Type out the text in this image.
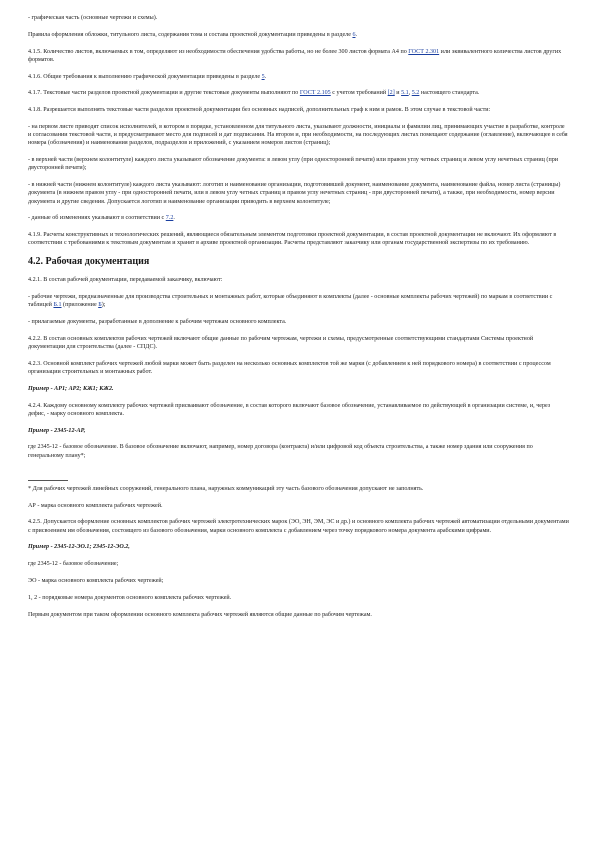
- графическая часть (основные чертежи и схемы).

Правила оформления обложки, титульного листа, содержания тома и состава проектной документации приведены в разделе 6.

4.1.5. Количество листов, включаемых в том, определяют из необходимости обеспечения удобства работы, но не более 300 листов формата А4 по ГОСТ 2.301 или эквивалентного количества листов других форматов.

4.1.6. Общие требования к выполнению графической документации приведены в разделе 5.

4.1.7. Текстовые части разделов проектной документации и другие текстовые документы выполняют по ГОСТ 2.105 с учетом требований [2] и 5.1, 5.2 настоящего стандарта.

4.1.8. Разрешается выполнять текстовые части разделов проектной документации без основных надписей, дополнительных граф к ним и рамок. В этом случае в текстовой части:

- на первом листе приводят список исполнителей, в котором в порядке, установленном для титульного листа, указывают должности, инициалы и фамилии лиц, принимающих участие в разработке, контроле и согласовании текстовой части, и предусматривают место для подписей и дат подписания. На втором и, при необходимости, на последующих листах помещают содержание (оглавление), включающее в себя номера (обозначения) и наименования разделов, подразделов и приложений, с указанием номеров листов (страниц);

- в верхней части (верхнем колонтитуле) каждого листа указывают обозначение документа: в левом углу (при односторонней печати) или правом углу четных страниц и левом углу нечетных страниц (при двусторонней печати);

- в нижней части (нижнем колонтитуле) каждого листа указывают: логотип и наименование организации, подготовившей документ, наименование документа, наименование файла, номер листа (страницы) документа (в нижнем правом углу - при односторонней печати, или в левом углу четных страниц и правом углу нечетных страниц - при двусторонней печати), а также, при необходимости, номер версии документа и другие сведения. Допускается логотип и наименование организации приводить в верхнем колонтитуле;

- данные об изменениях указывают в соответствии с 7.2.

4.1.9. Расчеты конструктивных и технологических решений, являющиеся обязательным элементом подготовки проектной документации, в состав проектной документации не включают. Их оформляют в соответствии с требованиями к текстовым документам и хранят в архиве проектной организации. Расчеты представляют заказчику или органам государственной экспертизы по их требованию.

4.2. Рабочая документация

4.2.1. В состав рабочей документации, передаваемой заказчику, включают:

- рабочие чертежи, предназначенные для производства строительных и монтажных работ, которые объединяют в комплекты (далее - основные комплекты рабочих чертежей) по маркам в соответствии с таблицей Б.1 (приложение Б);

- прилагаемые документы, разработанные в дополнение к рабочим чертежам основного комплекта.

4.2.2. В состав основных комплектов рабочих чертежей включают общие данные по рабочим чертежам, чертежи и схемы, предусмотренные соответствующими стандартами Системы проектной документации для строительства (далее - СПДС).

4.2.3. Основной комплект рабочих чертежей любой марки может быть разделен на несколько основных комплектов той же марки (с добавлением к ней порядкового номера) в соответствии с процессом организации строительных и монтажных работ.

Пример - АР1; АР2; КЖ1; КЖ2.

4.2.4. Каждому основному комплекту рабочих чертежей присваивают обозначение, в состав которого включают базовое обозначение, устанавливаемое по действующей в организации системе, и, через дефис, - марку основного комплекта.

Пример - 2345-12-АР,

где 2345-12 - базовое обозначение. В базовое обозначение включают, например, номер договора (контракта) и/или цифровой код объекта строительства, а также номер здания или сооружения по генеральному плану*;

* Для рабочих чертежей линейных сооружений, генерального плана, наружных коммуникаций эту часть базового обозначения допускают не заполнять.

АР - марка основного комплекта рабочих чертежей.

4.2.5. Допускается оформление основных комплектов рабочих чертежей электротехнических марок (ЭО, ЭН, ЭМ, ЭС и др.) и основного комплекта рабочих чертежей автоматизации отдельными документами с присвоением им обозначения, состоящего из базового обозначения, марки основного комплекта с добавлением через точку порядкового номера документа арабскими цифрами.

Пример - 2345-12-ЭО.1; 2345-12-ЭО.2,

где 2345-12 - базовое обозначение;

ЭО - марка основного комплекта рабочих чертежей;

1, 2 - порядковые номера документов основного комплекта рабочих чертежей.

Первым документом при таком оформлении основного комплекта рабочих чертежей являются общие данные по рабочим чертежам.
